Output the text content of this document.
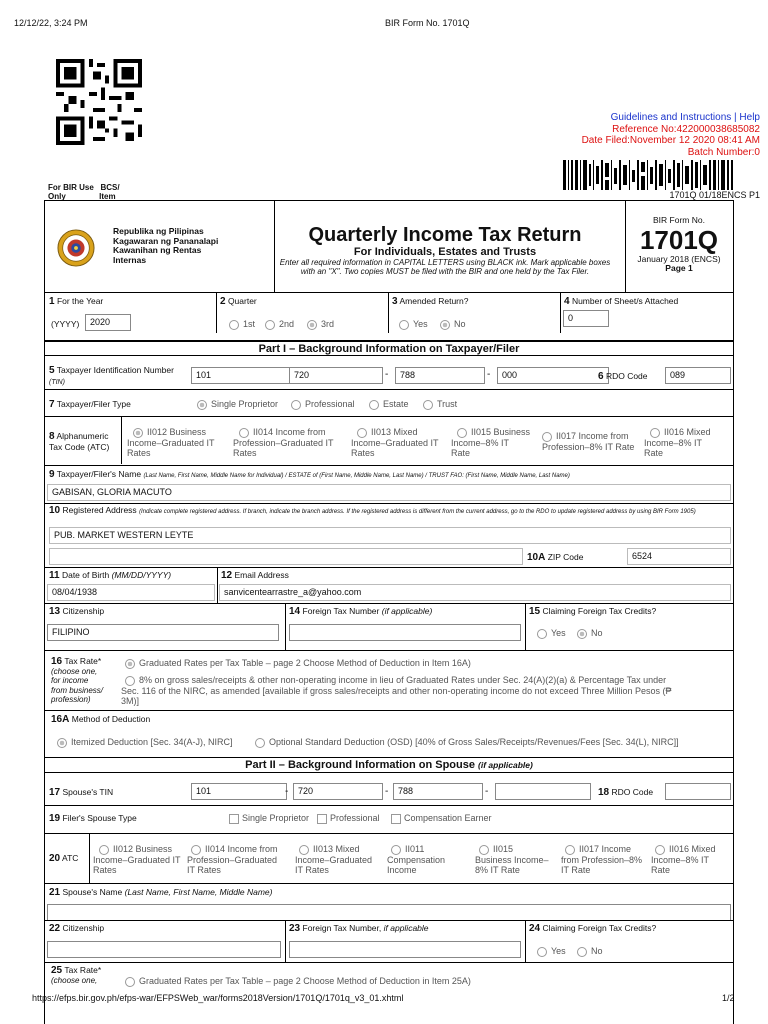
12/12/22, 3:24 PM	BIR Form No. 1701Q
https://efps.bir.gov.ph/efps-war/EFPSWeb_war/forms2018Version/1701Q/1701q_v3_01.xhtml	1/2
Guidelines and Instructions | Help
Reference No:422000038685082
Date Filed:November 12 2020 08:41 AM
Batch Number:0
1701Q 01/18ENCS P1
For BIR Use BCS/
Only	Item
Republika ng Pilipinas
Kagawaran ng Pananalapi
Kawanihan ng Rentas
Internas
Quarterly Income Tax Return
For Individuals, Estates and Trusts
Enter all required information in CAPITAL LETTERS using BLACK ink. Mark applicable boxes with an "X". Two copies MUST be filed with the BIR and one held by the Tax Filer.
BIR Form No.
1701Q
January 2018 (ENCS)
Page 1
1 For the Year
(YYYY)	2020
2 Quarter
1st	2nd	3rd
3 Amended Return?
Yes	No
4 Number of Sheet/s Attached
0
Part I – Background Information on Taxpayer/Filer
5 Taxpayer Identification Number
(TIN)
101	720	-	788	-	000	6 RDO Code	089
7 Taxpayer/Filer Type	Single Proprietor	Professional	Estate	Trust
8 Alphanumeric
Tax Code (ATC)
II012 Business
Income–Graduated IT
Rates
II014 Income from
Profession–Graduated IT
Rates
II013 Mixed
Income–Graduated IT
Rates
II015 Business
Income–8% IT
Rate
II017 Income from
Profession–8% IT Rate
II016 Mixed
Income–8% IT
Rate
9 Taxpayer/Filer's Name (Last Name, First Name, Middle Name for Individual) / ESTATE of (First Name, Middle Name, Last Name) / TRUST FAO: (First Name, Middle Name, Last Name)
GABISAN, GLORIA MACUTO
10 Registered Address (Indicate complete registered address. If branch, indicate the branch address. If the registered address is different from the current address, go to the RDO to update registered address by using BIR Form 1905)
PUB. MARKET WESTERN LEYTE
10A ZIP Code	6524
11 Date of Birth (MM/DD/YYYY)
08/04/1938
12 Email Address
sanvicentearrastre_a@yahoo.com
13 Citizenship
FILIPINO
14 Foreign Tax Number (if applicable)	15 Claiming Foreign Tax Credits?
Yes	No
16 Tax Rate*
(choose one,
for income
from business/
profession)
Graduated Rates per Tax Table – page 2 Choose Method of Deduction in Item 16A)
8% on gross sales/receipts & other non-operating income in lieu of Graduated Rates under Sec. 24(A)(2)(a) & Percentage Tax under
Sec. 116 of the NIRC, as amended [available if gross sales/receipts and other non-operating income do not exceed Three Million Pesos (₱
3M)]
16A Method of Deduction
Itemized Deduction [Sec. 34(A-J), NIRC]	Optional Standard Deduction (OSD) [40% of Gross Sales/Receipts/Revenues/Fees [Sec. 34(L), NIRC]]
Part II – Background Information on Spouse (if applicable)
17 Spouse's TIN	101	-	720	-	788	-	18 RDO Code
19 Filer's Spouse Type	Single Proprietor	Professional	Compensation Earner
20 ATC
II012 Business
Income–Graduated IT
Rates
II014 Income from
Profession–Graduated
IT Rates
II013 Mixed
Income–Graduated
IT Rates
II011
Compensation
Income
II015
Business Income–
8% IT Rate
II017 Income
from Profession–8%
IT Rate
II016 Mixed
Income–8% IT
Rate
21 Spouse's Name (Last Name, First Name, Middle Name)
22 Citizenship	23 Foreign Tax Number, if applicable	24 Claiming Foreign Tax Credits?
Yes	No
25 Tax Rate*
(choose one,	Graduated Rates per Tax Table – page 2 Choose Method of Deduction in Item 25A)
